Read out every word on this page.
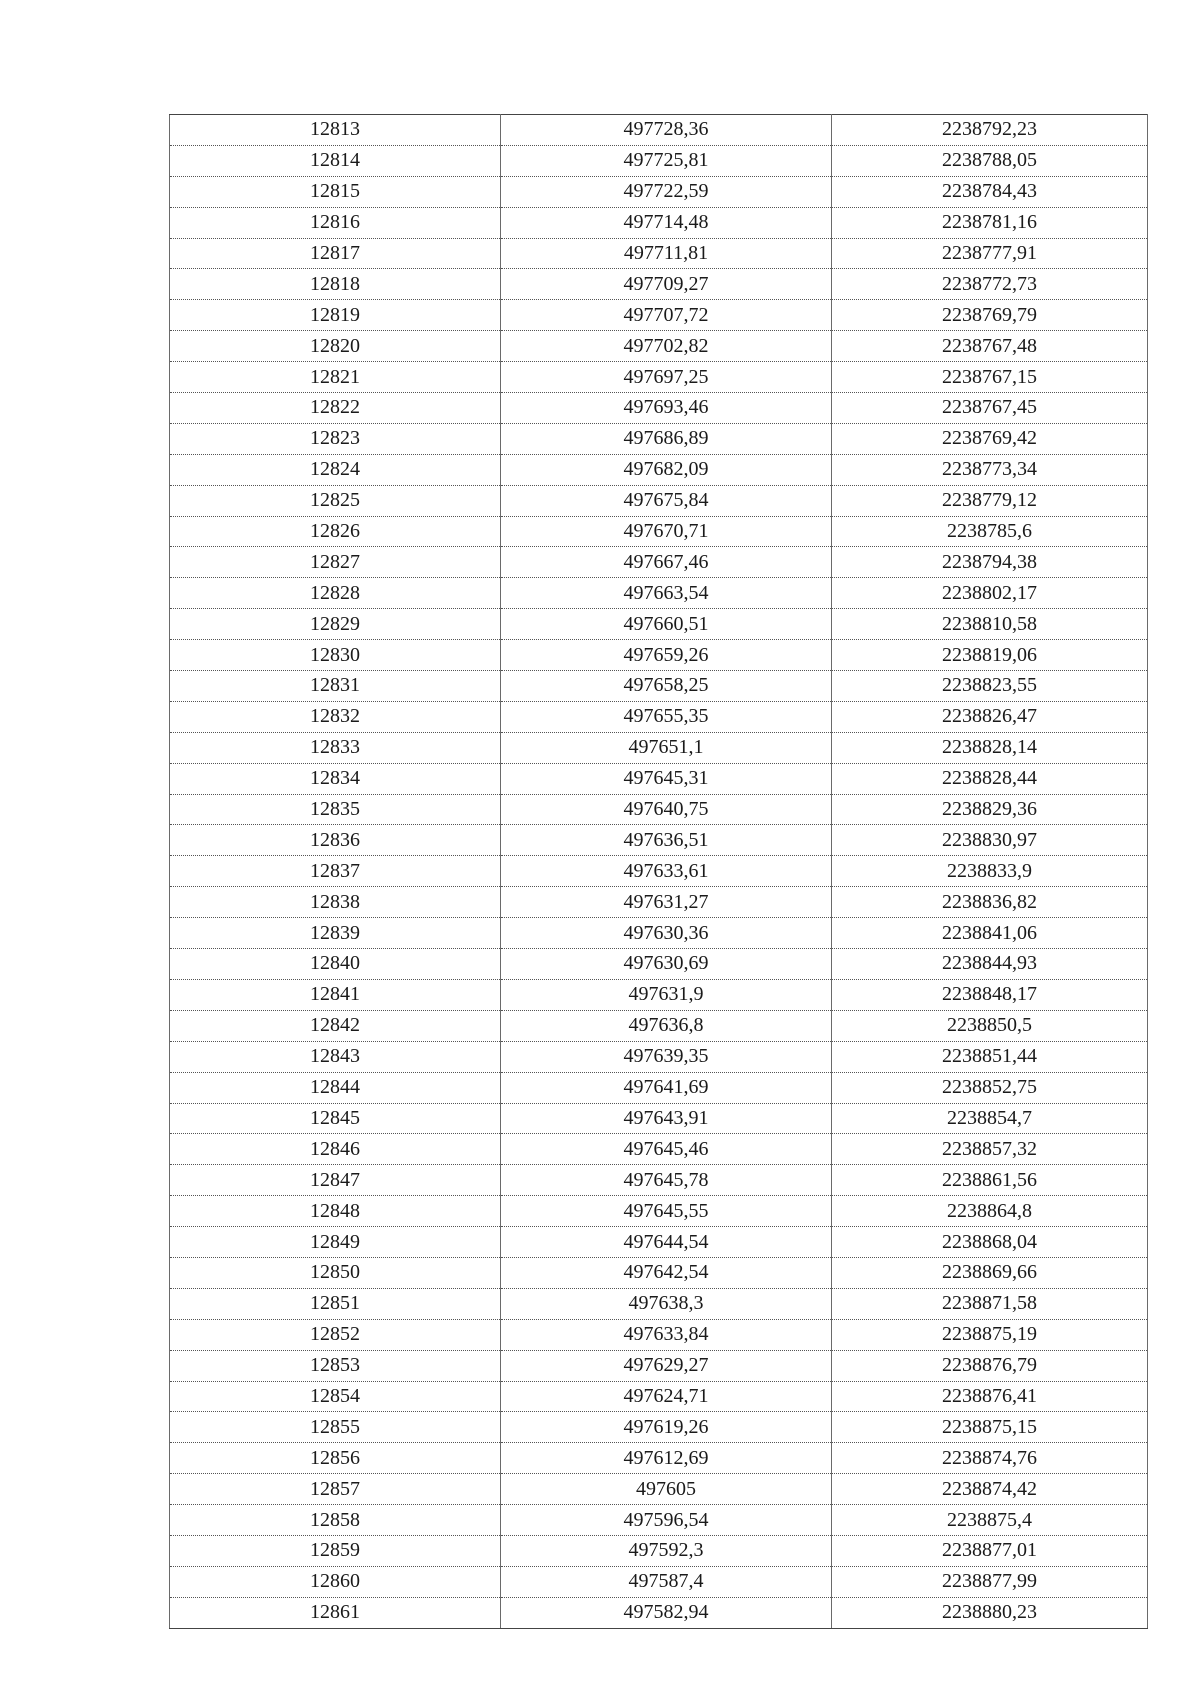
12813	497728,36	2238792,23
12814	497725,81	2238788,05
12815	497722,59	2238784,43
12816	497714,48	2238781,16
12817	497711,81	2238777,91
12818	497709,27	2238772,73
12819	497707,72	2238769,79
12820	497702,82	2238767,48
12821	497697,25	2238767,15
12822	497693,46	2238767,45
12823	497686,89	2238769,42
12824	497682,09	2238773,34
12825	497675,84	2238779,12
12826	497670,71	2238785,6
12827	497667,46	2238794,38
12828	497663,54	2238802,17
12829	497660,51	2238810,58
12830	497659,26	2238819,06
12831	497658,25	2238823,55
12832	497655,35	2238826,47
12833	497651,1	2238828,14
12834	497645,31	2238828,44
12835	497640,75	2238829,36
12836	497636,51	2238830,97
12837	497633,61	2238833,9
12838	497631,27	2238836,82
12839	497630,36	2238841,06
12840	497630,69	2238844,93
12841	497631,9	2238848,17
12842	497636,8	2238850,5
12843	497639,35	2238851,44
12844	497641,69	2238852,75
12845	497643,91	2238854,7
12846	497645,46	2238857,32
12847	497645,78	2238861,56
12848	497645,55	2238864,8
12849	497644,54	2238868,04
12850	497642,54	2238869,66
12851	497638,3	2238871,58
12852	497633,84	2238875,19
12853	497629,27	2238876,79
12854	497624,71	2238876,41
12855	497619,26	2238875,15
12856	497612,69	2238874,76
12857	497605	2238874,42
12858	497596,54	2238875,4
12859	497592,3	2238877,01
12860	497587,4	2238877,99
12861	497582,94	2238880,23
